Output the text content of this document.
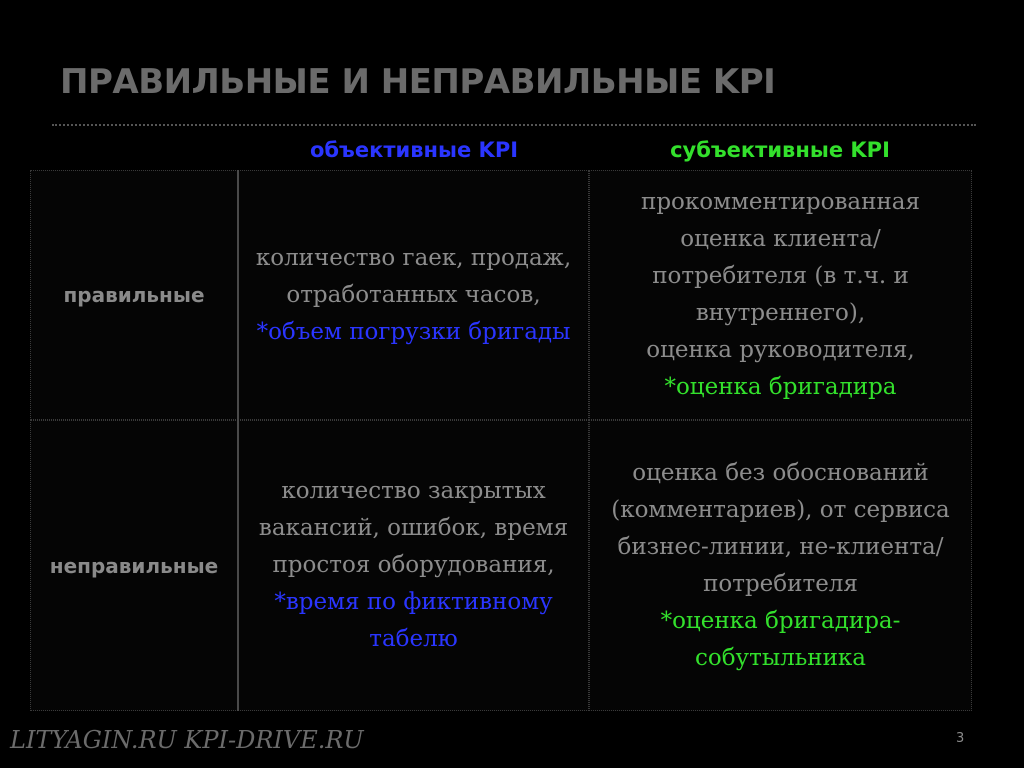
ПРАВИЛЬНЫЕ И НЕПРАВИЛЬНЫЕ KPI
объективные KPI	субъективные KPI
правильные
количество гаек, продаж,
отработанных часов,
*объем погрузки бригады
прокомментированная
оценка клиента/
потребителя (в т.ч. и
внутреннего),
оценка руководителя,
*оценка бригадира
неправильные
количество закрытых
вакансий, ошибок, время
простоя оборудования,
*время по фиктивному
табелю
оценка без обоснований
(комментариев), от сервиса
бизнес-линии, не-клиента/
потребителя
*оценка бригадира-
собутыльника
LITYAGIN.RU KPI-DRIVE.RU	3
